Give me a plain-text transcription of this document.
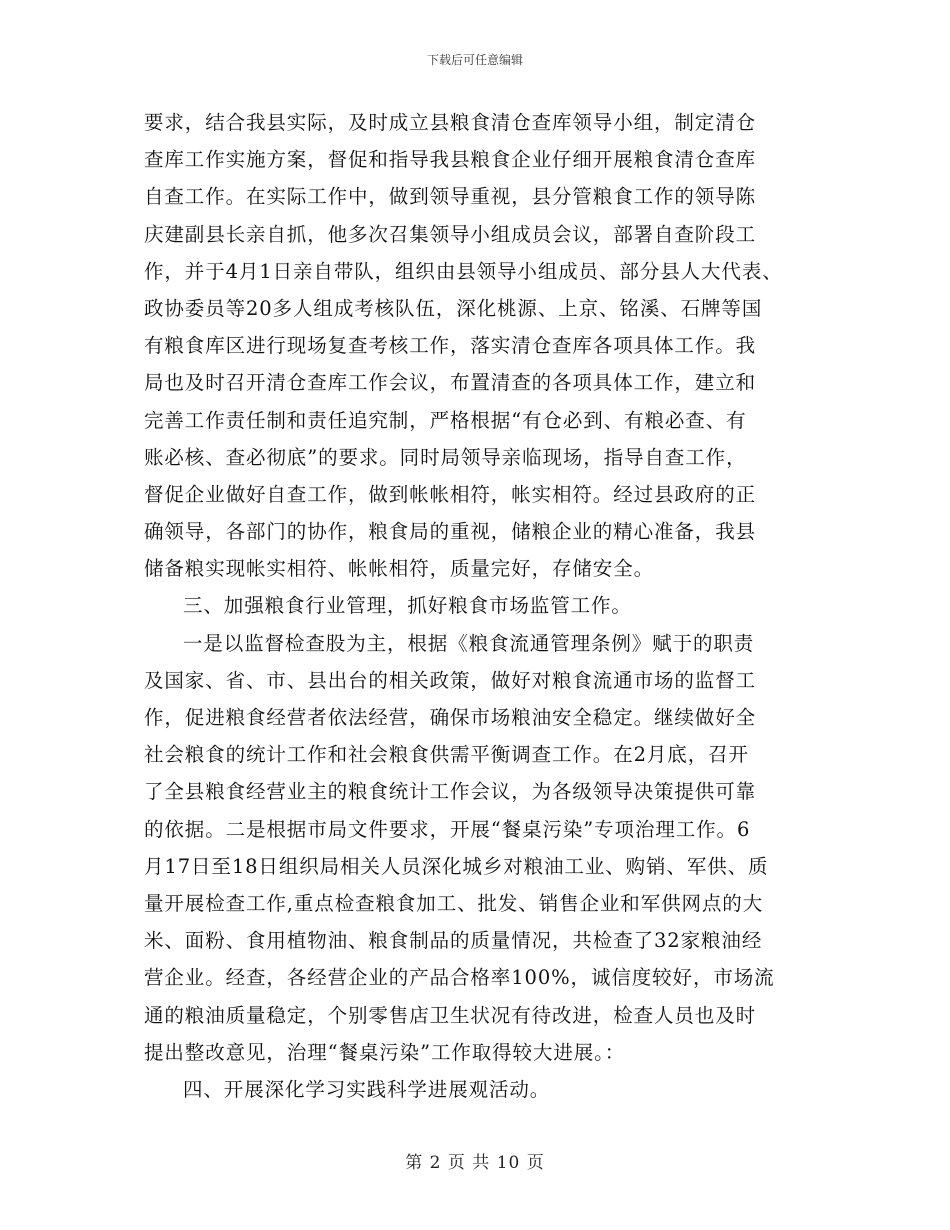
下载后可任意编辑
要求，结合我县实际，及时成立县粮食清仓查库领导小组，制定清仓
查库工作实施方案，督促和指导我县粮食企业仔细开展粮食清仓查库
自查工作。在实际工作中，做到领导重视，县分管粮食工作的领导陈
庆建副县长亲自抓，他多次召集领导小组成员会议，部署自查阶段工
作，并于4月1日亲自带队，组织由县领导小组成员、部分县人大代表、
政协委员等20多人组成考核队伍，深化桃源、上京、铭溪、石牌等国
有粮食库区进行现场复查考核工作，落实清仓查库各项具体工作。我
局也及时召开清仓查库工作会议，布置清查的各项具体工作，建立和
完善工作责任制和责任追究制，严格根据“有仓必到、有粮必查、有
账必核、查必彻底”的要求。同时局领导亲临现场，指导自查工作，
督促企业做好自查工作，做到帐帐相符，帐实相符。经过县政府的正
确领导，各部门的协作，粮食局的重视，储粮企业的精心准备，我县
储备粮实现帐实相符、帐帐相符，质量完好，存储安全。
三、加强粮食行业管理，抓好粮食市场监管工作。
一是以监督检查股为主，根据《粮食流通管理条例》赋于的职责
及国家、省、市、县出台的相关政策，做好对粮食流通市场的监督工
作，促进粮食经营者依法经营，确保市场粮油安全稳定。继续做好全
社会粮食的统计工作和社会粮食供需平衡调查工作。在2月底，召开
了全县粮食经营业主的粮食统计工作会议，为各级领导决策提供可靠
的依据。二是根据市局文件要求，开展“餐桌污染”专项治理工作。6
月17日至18日组织局相关人员深化城乡对粮油工业、购销、军供、质
量开展检查工作,重点检查粮食加工、批发、销售企业和军供网点的大
米、面粉、食用植物油、粮食制品的质量情况，共检查了32家粮油经
营企业。经查，各经营企业的产品合格率100%，诚信度较好，市场流
通的粮油质量稳定，个别零售店卫生状况有待改进，检查人员也及时
提出整改意见，治理“餐桌污染”工作取得较大进展。：
四、开展深化学习实践科学进展观活动。
第 2 页 共 10 页
